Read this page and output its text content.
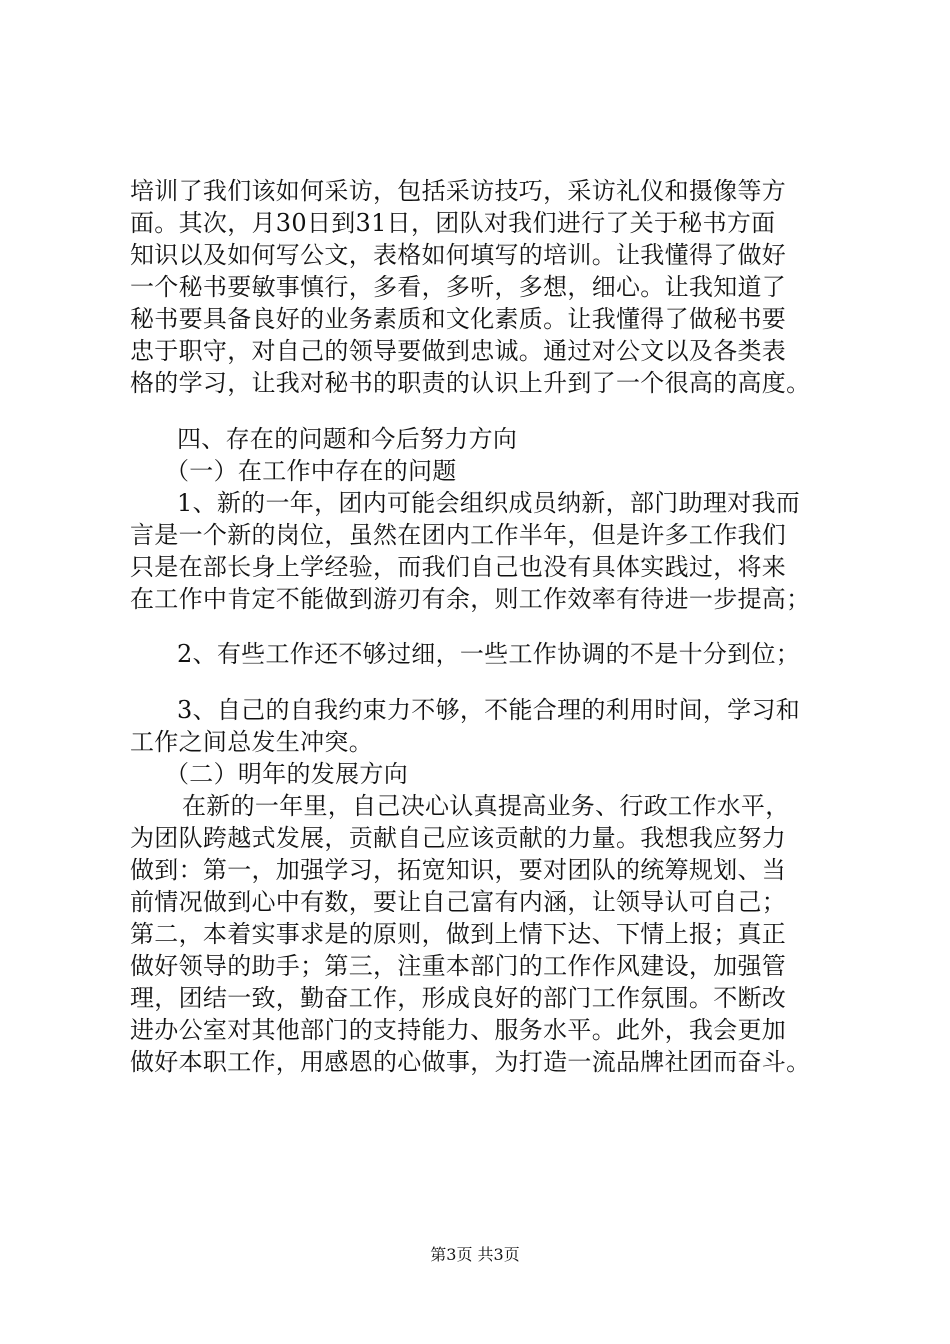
培训了我们该如何采访，包括采访技巧，采访礼仪和摄像等方
面。其次，月30日到31日，团队对我们进行了关于秘书方面
知识以及如何写公文，表格如何填写的培训。让我懂得了做好
一个秘书要敏事慎行，多看，多听，多想，细心。让我知道了
秘书要具备良好的业务素质和文化素质。让我懂得了做秘书要
忠于职守，对自己的领导要做到忠诚。通过对公文以及各类表
格的学习，让我对秘书的职责的认识上升到了一个很高的高度。
四、存在的问题和今后努力方向
（一）在工作中存在的问题
1、新的一年，团内可能会组织成员纳新，部门助理对我而
言是一个新的岗位，虽然在团内工作半年，但是许多工作我们
只是在部长身上学经验，而我们自己也没有具体实践过，将来
在工作中肯定不能做到游刃有余，则工作效率有待进一步提高；
2、有些工作还不够过细，一些工作协调的不是十分到位；
3、自己的自我约束力不够，不能合理的利用时间，学习和
工作之间总发生冲突。
（二）明年的发展方向
在新的一年里，自己决心认真提高业务、行政工作水平，
为团队跨越式发展，贡献自己应该贡献的力量。我想我应努力
做到：第一，加强学习，拓宽知识，要对团队的统筹规划、当
前情况做到心中有数，要让自己富有内涵，让领导认可自己；
第二，本着实事求是的原则，做到上情下达、下情上报；真正
做好领导的助手；第三，注重本部门的工作作风建设，加强管
理，团结一致，勤奋工作，形成良好的部门工作氛围。不断改
进办公室对其他部门的支持能力、服务水平。此外，我会更加
做好本职工作，用感恩的心做事，为打造一流品牌社团而奋斗。
第3页 共3页
